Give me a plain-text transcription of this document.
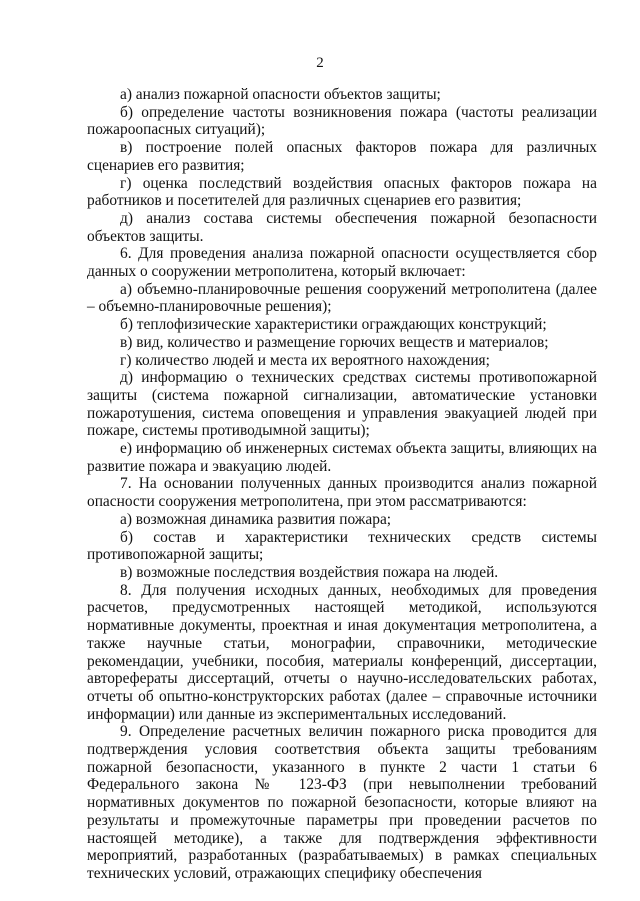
2

а) анализ пожарной опасности объектов защиты;

б) определение частоты возникновения пожара (частоты реализации пожароопасных ситуаций);

в) построение полей опасных факторов пожара для различных сценариев его развития;

г) оценка последствий воздействия опасных факторов пожара на работников и посетителей для различных сценариев его развития;

д) анализ состава системы обеспечения пожарной безопасности объектов защиты.

6. Для проведения анализа пожарной опасности осуществляется сбор данных о сооружении метрополитена, который включает:

а) объемно-планировочные решения сооружений метрополитена (далее – объемно-планировочные решения);

б) теплофизические характеристики ограждающих конструкций;

в) вид, количество и размещение горючих веществ и материалов;

г) количество людей и места их вероятного нахождения;

д) информацию о технических средствах системы противопожарной защиты (система пожарной сигнализации, автоматические установки пожаротушения, система оповещения и управления эвакуацией людей при пожаре, системы противодымной защиты);

е) информацию об инженерных системах объекта защиты, влияющих на развитие пожара и эвакуацию людей.

7. На основании полученных данных производится анализ пожарной опасности сооружения метрополитена, при этом рассматриваются:

а) возможная динамика развития пожара;

б) состав и характеристики технических средств системы противопожарной защиты;

в) возможные последствия воздействия пожара на людей.

8. Для получения исходных данных, необходимых для проведения расчетов, предусмотренных настоящей методикой, используются нормативные документы, проектная и иная документация метрополитена, а также научные статьи, монографии, справочники, методические рекомендации, учебники, пособия, материалы конференций, диссертации, авторефераты диссертаций, отчеты о научно-исследовательских работах, отчеты об опытно-конструкторских работах (далее – справочные источники информации) или данные из экспериментальных исследований.

9. Определение расчетных величин пожарного риска проводится для подтверждения условия соответствия объекта защиты требованиям пожарной безопасности, указанного в пункте 2 части 1 статьи 6 Федерального закона № 123-ФЗ (при невыполнении требований нормативных документов по пожарной безопасности, которые влияют на результаты и промежуточные параметры при проведении расчетов по настоящей методике), а также для подтверждения эффективности мероприятий, разработанных (разрабатываемых) в рамках специальных технических условий, отражающих специфику обеспечения
